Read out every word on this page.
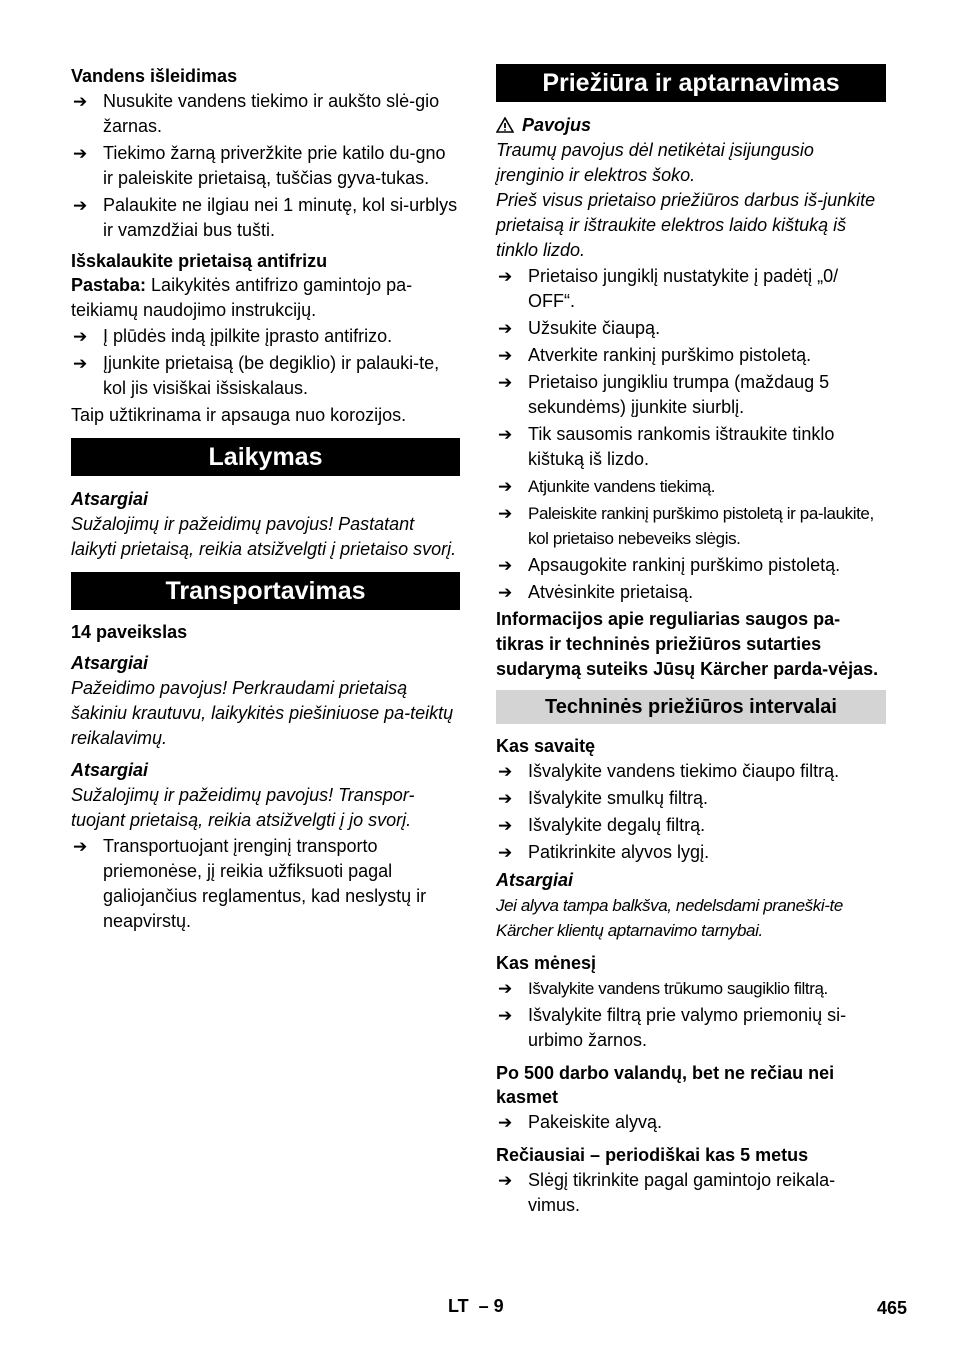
Vandens išleidimas

➔ Nusukite vandens tiekimo ir aukšto slė-gio žarnas.
➔ Tiekimo žarną priveržkite prie katilo du-gno ir paleiskite prietaisą, tuščias gyva-tukas.
➔ Palaukite ne ilgiau nei 1 minutę, kol si-urblys ir vamzdžiai bus tušti.

Išskalaukite prietaisą antifrizu

Pastaba: Laikykitės antifrizo gamintojo pa-teikiamų naudojimo instrukcijų.

➔ Į plūdės indą įpilkite įprasto antifrizo.
➔ Įjunkite prietaisą (be degiklio) ir palauki-te, kol jis visiškai išsiskalaus.

Taip užtikrinama ir apsauga nuo korozijos.

Laikymas

Atsargiai

Sužalojimų ir pažeidimų pavojus! Pastatant laikyti prietaisą, reikia atsižvelgti į prietaiso svorį.

Transportavimas

14 paveikslas

Atsargiai

Pažeidimo pavojus! Perkraudami prietaisą šakiniu krautuvu, laikykitės piešiniuose pa-teiktų reikalavimų.

Atsargiai

Sužalojimų ir pažeidimų pavojus! Transpor-tuojant prietaisą, reikia atsižvelgti į jo svorį.

➔ Transportuojant įrenginį transporto priemonėse, jį reikia užfiksuoti pagal galiojančius reglamentus, kad neslystų ir neapvirstų.
Priežiūra ir aptarnavimas

Pavojus

Traumų pavojus dėl netikėtai įsijungusio įrenginio ir elektros šoko.
Prieš visus prietaiso priežiūros darbus iš-junkite prietaisą ir ištraukite elektros laido kištuką iš tinklo lizdo.

➔ Prietaiso jungiklį nustatykite į padėtį „0/ OFF“.
➔ Užsukite čiaupą.
➔ Atverkite rankinį purškimo pistoletą.
➔ Prietaiso jungikliu trumpa (maždaug 5 sekundėms) įjunkite siurblį.
➔ Tik sausomis rankomis ištraukite tinklo kištuką iš lizdo.
➔ Atjunkite vandens tiekimą.
➔ Paleiskite rankinį purškimo pistoletą ir pa-laukite, kol prietaiso nebeveiks slėgis.
➔ Apsaugokite rankinį purškimo pistoletą.
➔ Atvėsinkite prietaisą.

Informacijos apie reguliarias saugos pa-tikras ir techninės priežiūros sutarties sudarymą suteiks Jūsų Kärcher parda-vėjas.

Techninės priežiūros intervalai

Kas savaitę

➔ Išvalykite vandens tiekimo čiaupo filtrą.
➔ Išvalykite smulkų filtrą.
➔ Išvalykite degalų filtrą.
➔ Patikrinkite alyvos lygį.

Atsargiai

Jei alyva tampa balkšva, nedelsdami praneški-te Kärcher klientų aptarnavimo tarnybai.

Kas mėnesį

➔ Išvalykite vandens trūkumo saugiklio filtrą.
➔ Išvalykite filtrą prie valymo priemonių si-urbimo žarnos.

Po 500 darbo valandų, bet ne rečiau nei kasmet

➔ Pakeiskite alyvą.

Rečiausiai – periodiškai kas 5 metus

➔ Slėgį tikrinkite pagal gamintojo reikala-vimus.
LT  – 9	465
